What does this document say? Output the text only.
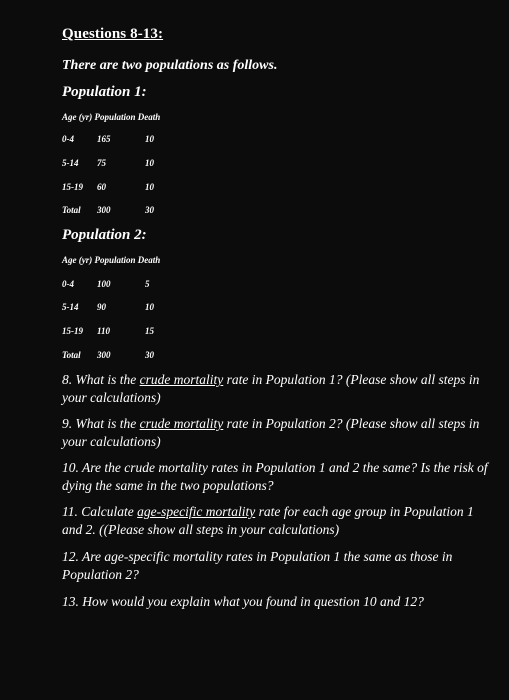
Questions 8-13:
There are two populations as follows.
Population 1:
Age (yr) Population Death
0-4	165	10
5-14 75	10
15-19 60	10
Total 300	30
Population 2:
Age (yr) Population Death
0-4	100	5
5-14 90	10
15-19 110	15
Total 300	30
8. What is the crude mortality rate in Population 1? (Please show all steps in your calculations)
9. What is the crude mortality rate in Population 2? (Please show all steps in your calculations)
10. Are the crude mortality rates in Population 1 and 2 the same? Is the risk of dying the same in the two populations?
11. Calculate age-specific mortality rate for each age group in Population 1 and 2. ((Please show all steps in your calculations)
12. Are age-specific mortality rates in Population 1 the same as those in Population 2?
13. How would you explain what you found in question 10 and 12?
